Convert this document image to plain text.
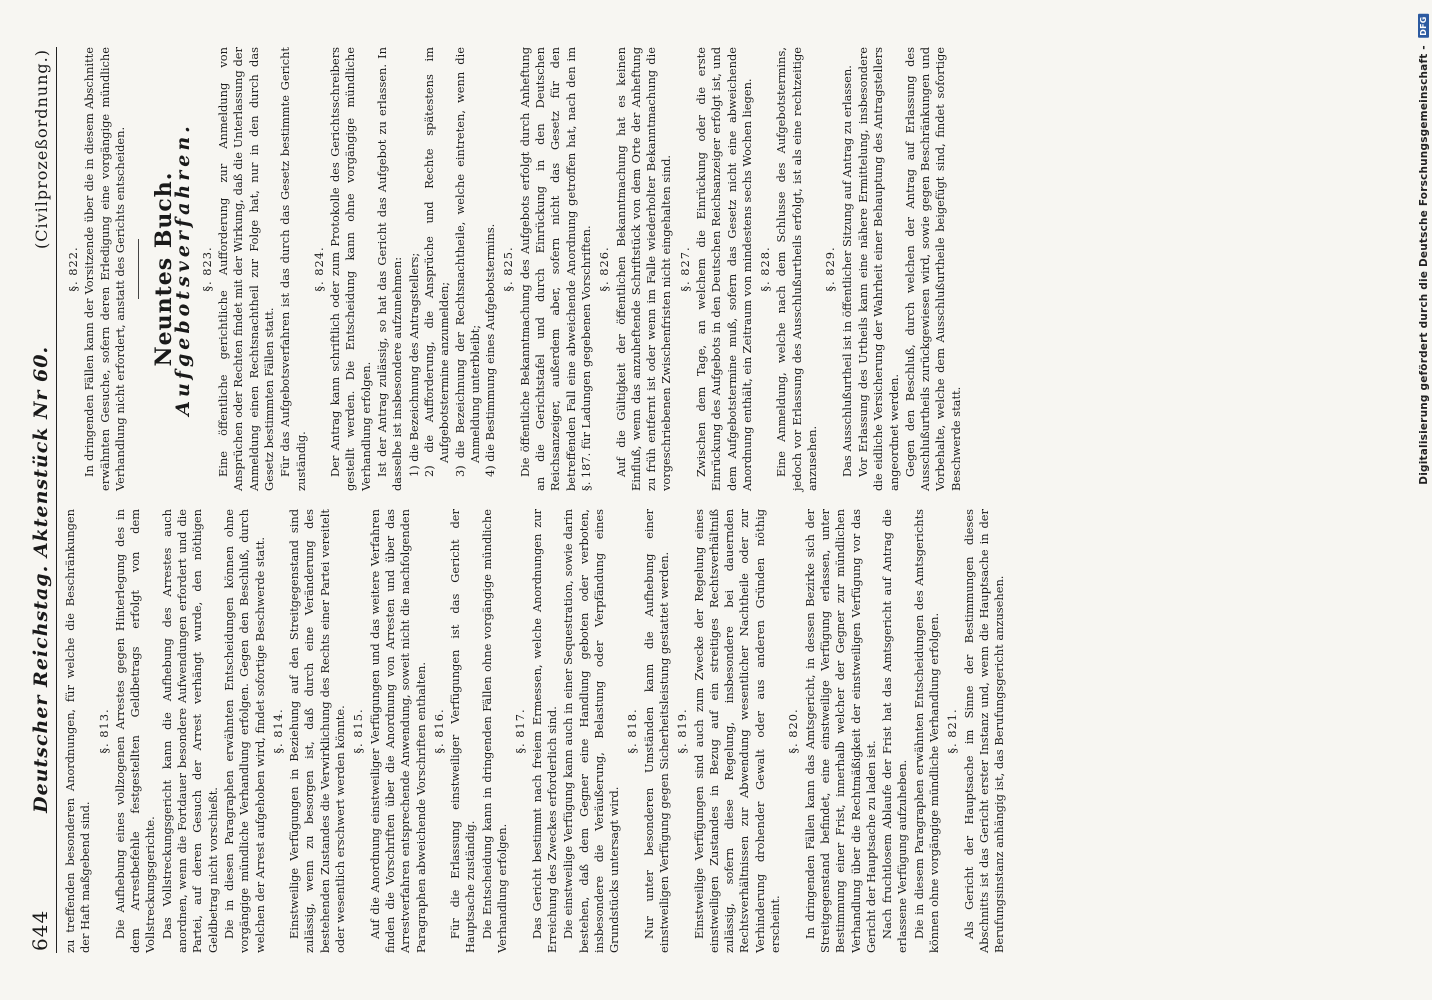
644
Deutscher Reichstag. Aktenstück Nr 60.
(Civilprozeßordnung.)

zu treffenden besonderen Anordnungen, für welche die Beschränkungen der Haft maßgebend sind.

§. 813. Die Aufhebung eines vollzogenen Arrestes gegen Hinterlegung des in dem Arrestbefehle festgestellten Geldbetrags erfolgt von dem Vollstreckungsgerichte. Das Vollstreckungsgericht kann die Aufhebung des Arrestes auch anordnen, wenn die Fortdauer besondere Aufwendungen erfordert und die Partei, auf deren Gesuch der Arrest verhängt wurde, den nöthigen Geldbetrag nicht vorschießt. Die in diesen Paragraphen erwähnten Entscheidungen können ohne vorgängige mündliche Verhandlung erfolgen. Gegen den Beschluß, durch welchen der Arrest aufgehoben wird, findet sofortige Beschwerde statt. §. 814. Einstweilige Verfügungen in Beziehung auf den Streitgegenstand sind zulässig, wenn zu besorgen ist, daß durch eine Veränderung des bestehenden Zustandes die Verwirklichung des Rechts einer Partei vereitelt oder wesentlich erschwert werden könnte. §. 815. Auf die Anordnung einstweiliger Verfügungen und das weitere Verfahren finden die Vorschriften über die Anordnung von Arresten und über das Arrestverfahren entsprechende Anwendung, soweit nicht die nachfolgenden Paragraphen abweichende Vorschriften enthalten. §. 816. Für die Erlassung einstweiliger Verfügungen ist das Gericht der Hauptsache zuständig. Die Entscheidung kann in dringenden Fällen ohne vorgängige mündliche Verhandlung erfolgen.

§. 817. Das Gericht bestimmt nach freiem Ermessen, welche Anordnungen zur Erreichung des Zweckes erforderlich sind. Die einstweilige Verfügung kann auch in einer Sequestration, sowie darin bestehen, daß dem Gegner eine Handlung geboten oder verboten, insbesondere die Veräußerung, Belastung oder Verpfändung eines Grundstücks untersagt wird.

§. 818. Nur unter besonderen Umständen kann die Aufhebung einer einstweiligen Verfügung gegen Sicherheitsleistung gestattet werden. §. 819. Einstweilige Verfügungen sind auch zum Zwecke der Regelung eines einstweiligen Zustandes in Bezug auf ein streitiges Rechtsverhältniß zulässig, sofern diese Regelung, insbesondere bei dauernden Rechtsverhältnissen zur Abwendung wesentlicher Nachtheile oder zur Verhinderung drohender Gewalt oder aus anderen Gründen nöthig erscheint.

§. 820. In dringenden Fällen kann das Amtsgericht, in dessen Bezirke sich der Streitgegenstand befindet, eine einstweilige Verfügung erlassen, unter Bestimmung einer Frist, innerhalb welcher der Gegner zur mündlichen Verhandlung über die Rechtmäßigkeit der einstweiligen Verfügung vor das Gericht der Hauptsache zu laden ist. Nach fruchtlosem Ablaufe der Frist hat das Amtsgericht auf Antrag die erlassene Verfügung aufzuheben. Die in diesem Paragraphen erwähnten Entscheidungen des Amtsgerichts können ohne vorgängige mündliche Verhandlung erfolgen. §. 821. Als Gericht der Hauptsache im Sinne der Bestimmungen dieses Abschnitts ist das Gericht erster Instanz und, wenn die Hauptsache in der Berufungsinstanz anhängig ist, das Berufungsgericht anzusehen.

§. 822. In dringenden Fällen kann der Vorsitzende über die in diesem Abschnitte erwähnten Gesuche, sofern deren Erledigung eine vorgängige mündliche Verhandlung nicht erfordert, anstatt des Gerichts entscheiden. Neuntes Buch.
Aufgebotsverfahren. §. 823. Eine öffentliche gerichtliche Aufforderung zur Anmeldung von Ansprüchen oder Rechten findet mit der Wirkung, daß die Unterlassung der Anmeldung einen Rechtsnachtheil zur Folge hat, nur in den durch das Gesetz bestimmten Fällen statt. Für das Aufgebotsverfahren ist das durch das Gesetz bestimmte Gericht zuständig.

§. 824. Der Antrag kann schriftlich oder zum Protokolle des Gerichtsschreibers gestellt werden. Die Entscheidung kann ohne vorgängige mündliche Verhandlung erfolgen. Ist der Antrag zulässig, so hat das Gericht das Aufgebot zu erlassen. In dasselbe ist insbesondere aufzunehmen: 1) die Bezeichnung des Antragstellers; 2) die Aufforderung, die Ansprüche und Rechte spätestens im Aufgebotstermine anzumelden; 3) die Bezeichnung der Rechtsnachtheile, welche eintreten, wenn die Anmeldung unterbleibt; 4) die Bestimmung eines Aufgebotstermins. §. 825. Die öffentliche Bekanntmachung des Aufgebots erfolgt durch Anheftung an die Gerichtstafel und durch Einrückung in den Deutschen Reichsanzeiger, außerdem aber, sofern nicht das Gesetz für den betreffenden Fall eine abweichende Anordnung getroffen hat, nach den im §. 187. für Ladungen gegebenen Vorschriften. §. 826. Auf die Gültigkeit der öffentlichen Bekanntmachung hat es keinen Einfluß, wenn das anzuheftende Schriftstück von dem Orte der Anheftung zu früh entfernt ist oder wenn im Falle wiederholter Bekanntmachung die vorgeschriebenen Zwischenfristen nicht eingehalten sind. §. 827. Zwischen dem Tage, an welchem die Einrückung oder die erste Einrückung des Aufgebots in den Deutschen Reichsanzeiger erfolgt ist, und dem Aufgebotstermine muß, sofern das Gesetz nicht eine abweichende Anordnung enthält, ein Zeitraum von mindestens sechs Wochen liegen. §. 828. Eine Anmeldung, welche nach dem Schlusse des Aufgebotstermins, jedoch vor Erlassung des Ausschlußurtheils erfolgt, ist als eine rechtzeitige anzusehen.

§. 829. Das Ausschlußurtheil ist in öffentlicher Sitzung auf Antrag zu erlassen. Vor Erlassung des Urtheils kann eine nähere Ermittelung, insbesondere die eidliche Versicherung der Wahrheit einer Behauptung des Antragstellers angeordnet werden. Gegen den Beschluß, durch welchen der Antrag auf Erlassung des Ausschlußurtheils zurückgewiesen wird, sowie gegen Beschränkungen und Vorbehalte, welche dem Ausschlußurtheile beigefügt sind, findet sofortige Beschwerde statt.	Digitalisierung gefördert durch die Deutsche Forschungsgemeinschaft - DFG
